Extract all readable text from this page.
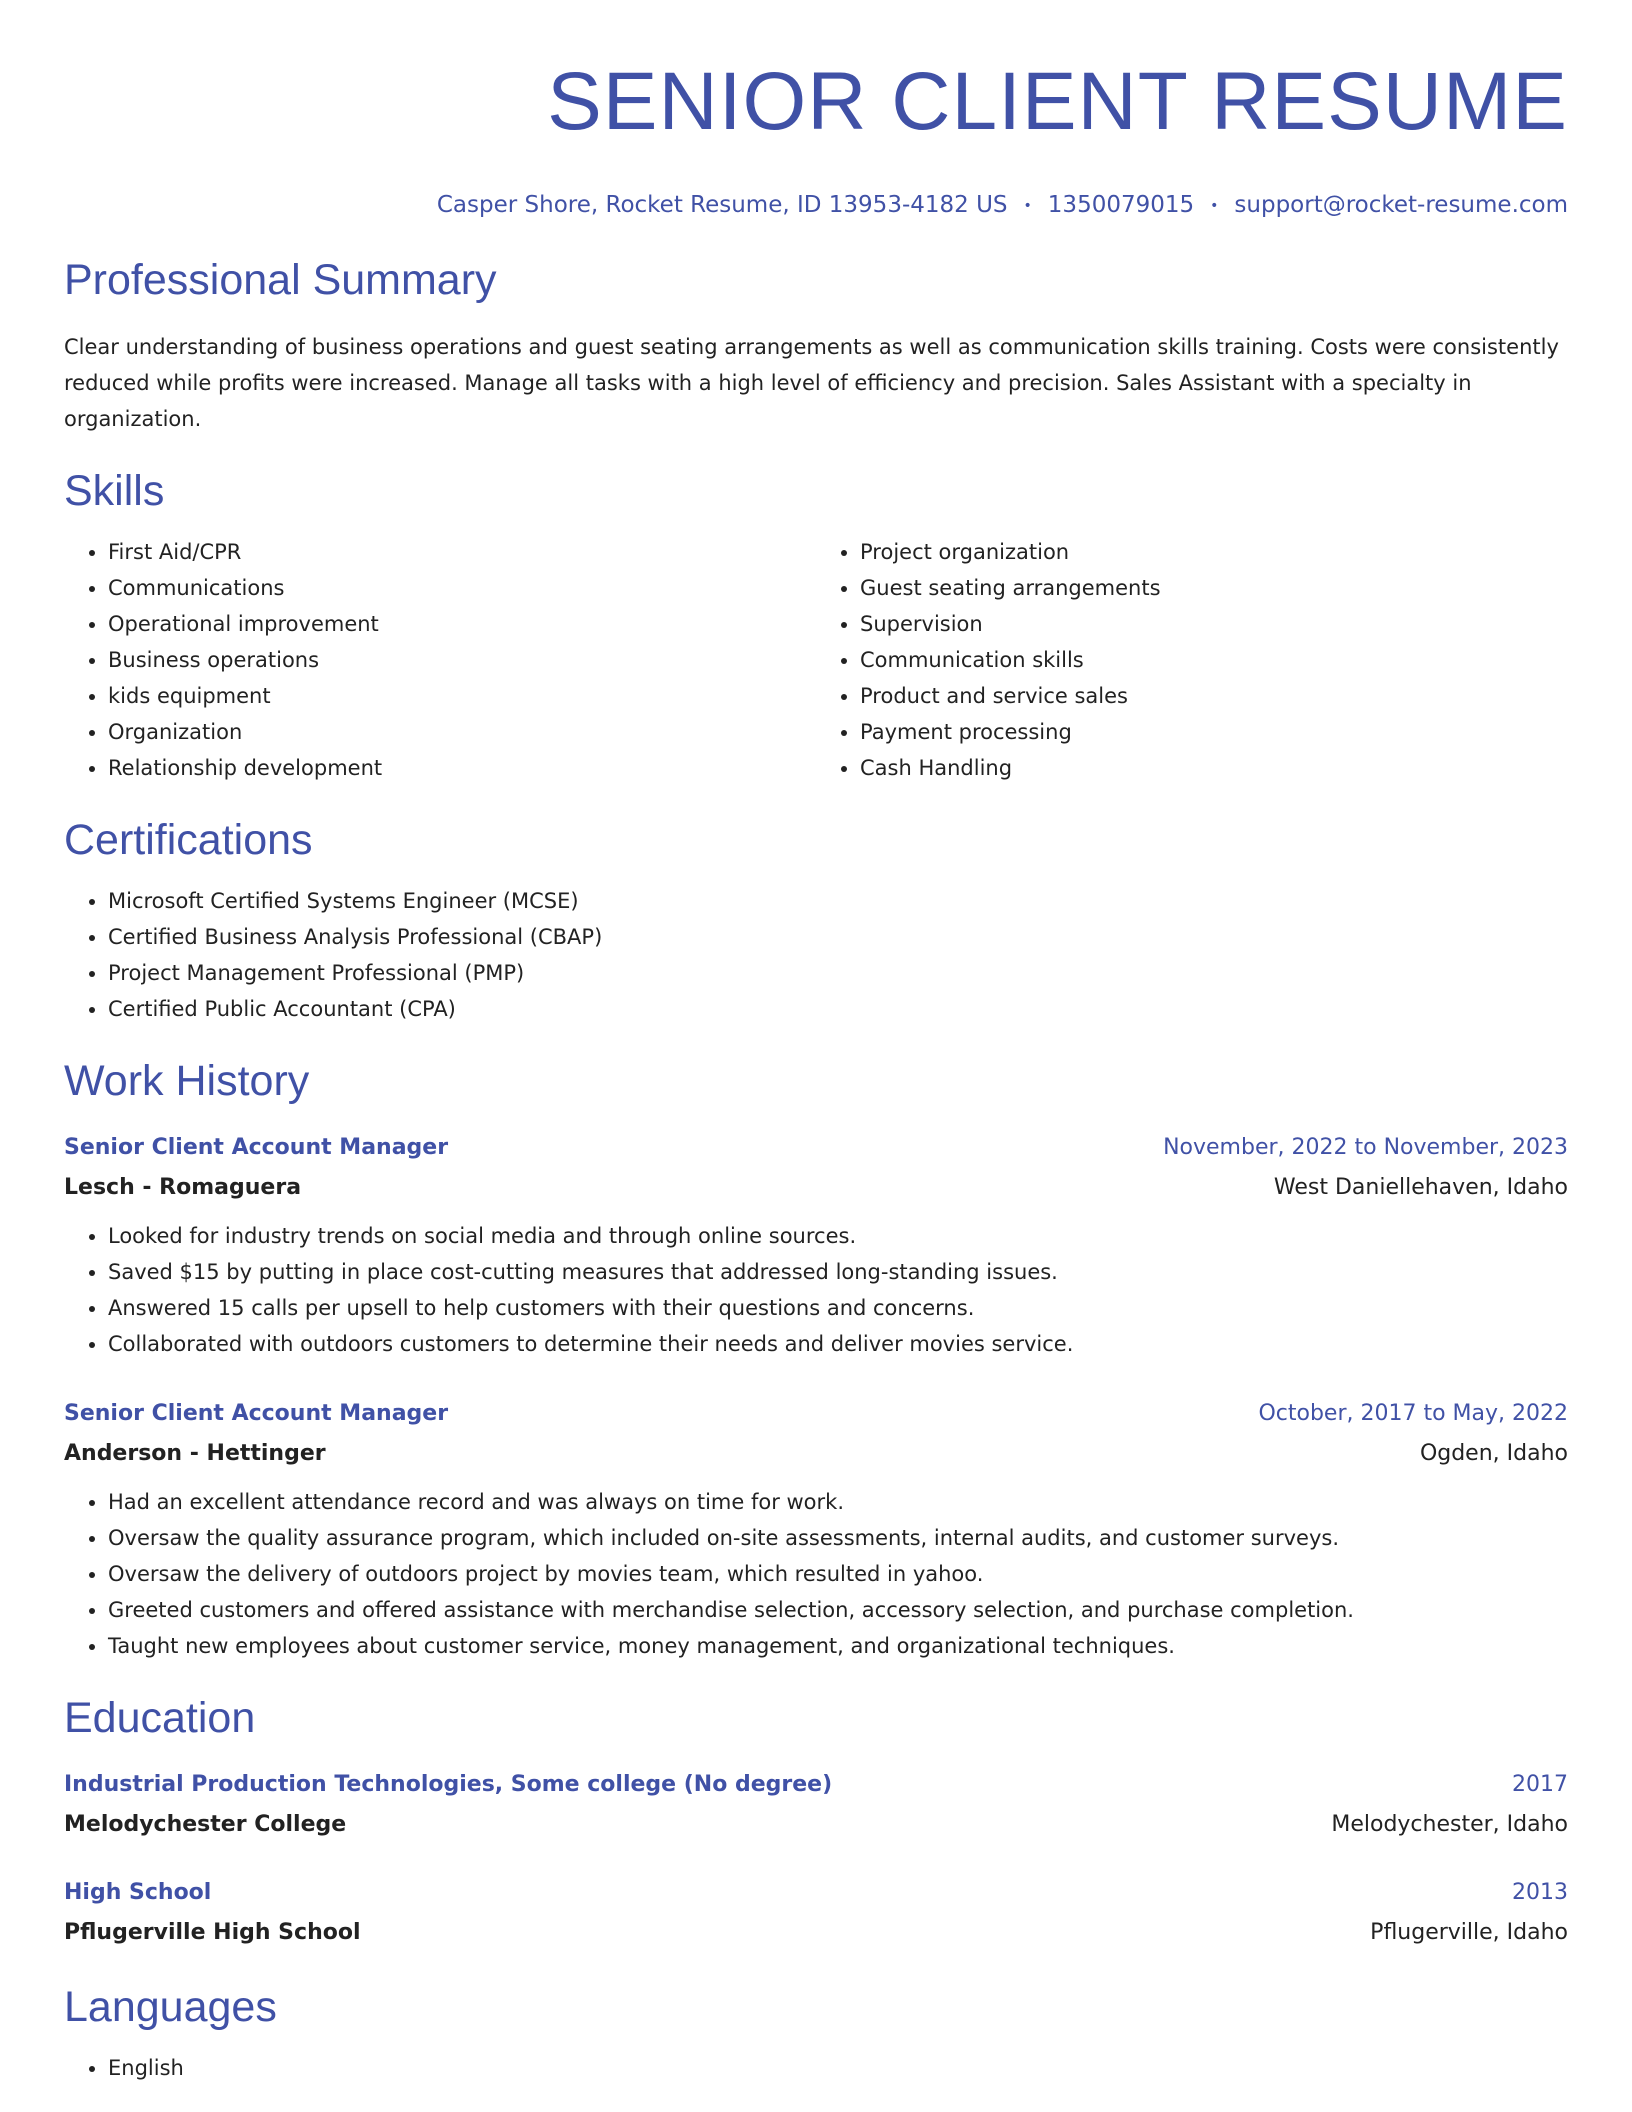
SENIOR CLIENT RESUME
Casper Shore, Rocket Resume, ID 13953-4182 US • 1350079015 • support@rocket-resume.com
Professional Summary
Clear understanding of business operations and guest seating arrangements as well as communication skills training. Costs were consistently reduced while profits were increased. Manage all tasks with a high level of efficiency and precision. Sales Assistant with a specialty in organization.
Skills
• First Aid/CPR
• Communications
• Operational improvement
• Business operations
• kids equipment
• Organization
• Relationship development
• Project organization
• Guest seating arrangements
• Supervision
• Communication skills
• Product and service sales
• Payment processing
• Cash Handling
Certifications
• Microsoft Certified Systems Engineer (MCSE)
• Certified Business Analysis Professional (CBAP)
• Project Management Professional (PMP)
• Certified Public Accountant (CPA)
Work History
Senior Client Account Manager	November, 2022 to November, 2023
Lesch - Romaguera	West Daniellehaven, Idaho
• Looked for industry trends on social media and through online sources.
• Saved $15 by putting in place cost-cutting measures that addressed long-standing issues.
• Answered 15 calls per upsell to help customers with their questions and concerns.
• Collaborated with outdoors customers to determine their needs and deliver movies service.
Senior Client Account Manager	October, 2017 to May, 2022
Anderson - Hettinger	Ogden, Idaho
• Had an excellent attendance record and was always on time for work.
• Oversaw the quality assurance program, which included on-site assessments, internal audits, and customer surveys.
• Oversaw the delivery of outdoors project by movies team, which resulted in yahoo.
• Greeted customers and offered assistance with merchandise selection, accessory selection, and purchase completion.
• Taught new employees about customer service, money management, and organizational techniques.
Education
Industrial Production Technologies, Some college (No degree)	2017
Melodychester College	Melodychester, Idaho
High School	2013
Pflugerville High School	Pflugerville, Idaho
Languages
• English
